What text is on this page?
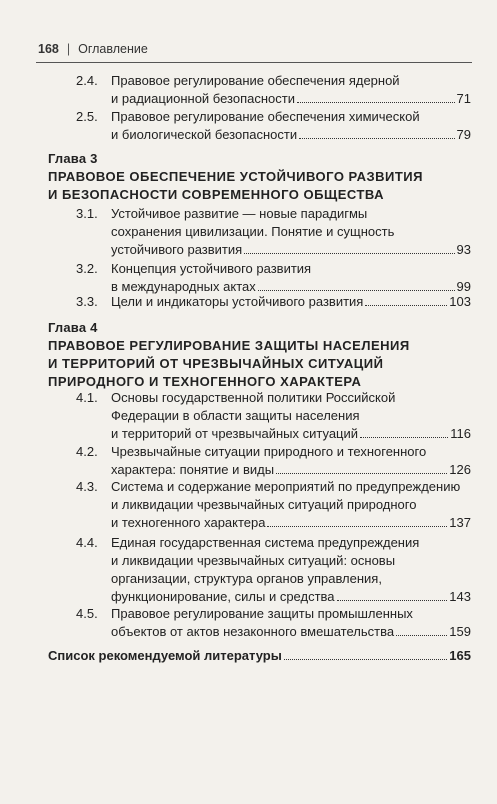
168 | Оглавление
2.4. Правовое регулирование обеспечения ядерной
и радиационной безопасности	71
2.5. Правовое регулирование обеспечения химической
и биологической безопасности	79
Глава 3
ПРАВОВОЕ ОБЕСПЕЧЕНИЕ УСТОЙЧИВОГО РАЗВИТИЯ
И БЕЗОПАСНОСТИ СОВРЕМЕННОГО ОБЩЕСТВА
3.1. Устойчивое развитие — новые парадигмы
сохранения цивилизации. Понятие и сущность
устойчивого развития	93
3.2. Концепция устойчивого развития
в международных актах	99
3.3. Цели и индикаторы устойчивого развития	103
Глава 4
ПРАВОВОЕ РЕГУЛИРОВАНИЕ ЗАЩИТЫ НАСЕЛЕНИЯ
И ТЕРРИТОРИЙ ОТ ЧРЕЗВЫЧАЙНЫХ СИТУАЦИЙ
ПРИРОДНОГО И ТЕХНОГЕННОГО ХАРАКТЕРА
4.1. Основы государственной политики Российской
Федерации в области защиты населения
и территорий от чрезвычайных ситуаций	116
4.2. Чрезвычайные ситуации природного и техногенного
характера: понятие и виды	126
4.3. Система и содержание мероприятий по предупреждению
и ликвидации чрезвычайных ситуаций природного
и техногенного характера	137
4.4. Единая государственная система предупреждения
и ликвидации чрезвычайных ситуаций: основы
организации, структура органов управления,
функционирование, силы и средства	143
4.5. Правовое регулирование защиты промышленных
объектов от актов незаконного вмешательства	159
Список рекомендуемой литературы	165
